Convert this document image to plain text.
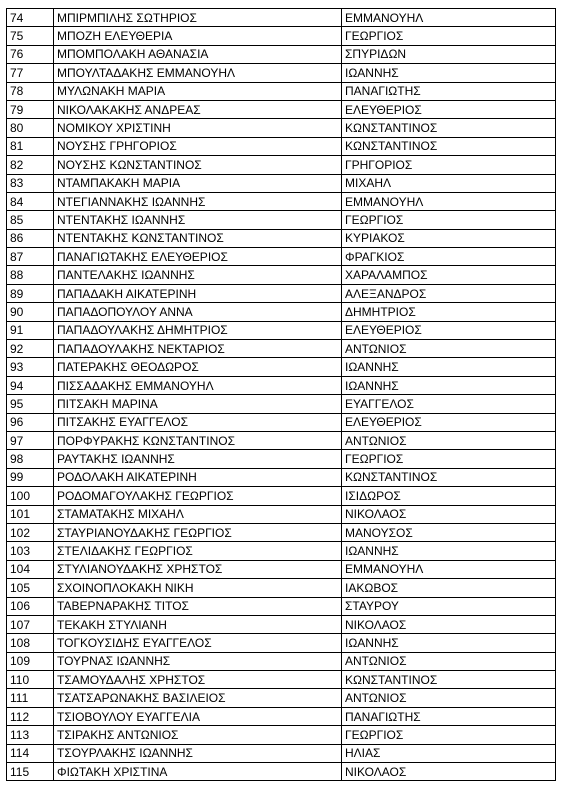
74	ΜΠΙΡΜΠΙΛΗΣ ΣΩΤΗΡΙΟΣ	ΕΜΜΑΝΟΥΗΛ
75	ΜΠΟΖΗ ΕΛΕΥΘΕΡΙΑ	ΓΕΩΡΓΙΟΣ
76	ΜΠΟΜΠΟΛΑΚΗ ΑΘΑΝΑΣΙΑ	ΣΠΥΡΙΔΩΝ
77	ΜΠΟΥΛΤΑΔΑΚΗΣ ΕΜΜΑΝΟΥΗΛ	ΙΩΑΝΝΗΣ
78	ΜΥΛΩΝΑΚΗ ΜΑΡΙΑ	ΠΑΝΑΓΙΩΤΗΣ
79	ΝΙΚΟΛΑΚΑΚΗΣ ΑΝΔΡΕΑΣ	ΕΛΕΥΘΕΡΙΟΣ
80	ΝΟΜΙΚΟΥ ΧΡΙΣΤΙΝΗ	ΚΩΝΣΤΑΝΤΙΝΟΣ
81	ΝΟΥΣΗΣ ΓΡΗΓΟΡΙΟΣ	ΚΩΝΣΤΑΝΤΙΝΟΣ
82	ΝΟΥΣΗΣ ΚΩΝΣΤΑΝΤΙΝΟΣ	ΓΡΗΓΟΡΙΟΣ
83	ΝΤΑΜΠΑΚΑΚΗ ΜΑΡΙΑ	ΜΙΧΑΗΛ
84	ΝΤΕΓΙΑΝΝΑΚΗΣ ΙΩΑΝΝΗΣ	ΕΜΜΑΝΟΥΗΛ
85	ΝΤΕΝΤΑΚΗΣ ΙΩΑΝΝΗΣ	ΓΕΩΡΓΙΟΣ
86	ΝΤΕΝΤΑΚΗΣ ΚΩΝΣΤΑΝΤΙΝΟΣ	ΚΥΡΙΑΚΟΣ
87	ΠΑΝΑΓΙΩΤΑΚΗΣ ΕΛΕΥΘΕΡΙΟΣ	ΦΡΑΓΚΙΟΣ
88	ΠΑΝΤΕΛΑΚΗΣ ΙΩΑΝΝΗΣ	ΧΑΡΑΛΑΜΠΟΣ
89	ΠΑΠΑΔΑΚΗ ΑΙΚΑΤΕΡΙΝΗ	ΑΛΕΞΑΝΔΡΟΣ
90	ΠΑΠΑΔΟΠΟΥΛΟΥ ΑΝΝΑ	ΔΗΜΗΤΡΙΟΣ
91	ΠΑΠΑΔΟΥΛΑΚΗΣ ΔΗΜΗΤΡΙΟΣ	ΕΛΕΥΘΕΡΙΟΣ
92	ΠΑΠΑΔΟΥΛΑΚΗΣ ΝΕΚΤΑΡΙΟΣ	ΑΝΤΩΝΙΟΣ
93	ΠΑΤΕΡΑΚΗΣ ΘΕΟΔΩΡΟΣ	ΙΩΑΝΝΗΣ
94	ΠΙΣΣΑΔΑΚΗΣ ΕΜΜΑΝΟΥΗΛ	ΙΩΑΝΝΗΣ
95	ΠΙΤΣΑΚΗ ΜΑΡΙΝΑ	ΕΥΑΓΓΕΛΟΣ
96	ΠΙΤΣΑΚΗΣ ΕΥΑΓΓΕΛΟΣ	ΕΛΕΥΘΕΡΙΟΣ
97	ΠΟΡΦΥΡΑΚΗΣ ΚΩΝΣΤΑΝΤΙΝΟΣ	ΑΝΤΩΝΙΟΣ
98	ΡΑΥΤΑΚΗΣ ΙΩΑΝΝΗΣ	ΓΕΩΡΓΙΟΣ
99	ΡΟΔΟΛΑΚΗ ΑΙΚΑΤΕΡΙΝΗ	ΚΩΝΣΤΑΝΤΙΝΟΣ
100	ΡΟΔΟΜΑΓΟΥΛΑΚΗΣ ΓΕΩΡΓΙΟΣ	ΙΣΙΔΩΡΟΣ
101	ΣΤΑΜΑΤΑΚΗΣ ΜΙΧΑΗΛ	ΝΙΚΟΛΑΟΣ
102	ΣΤΑΥΡΙΑΝΟΥΔΑΚΗΣ ΓΕΩΡΓΙΟΣ	ΜΑΝΟΥΣΟΣ
103	ΣΤΕΛΙΔΑΚΗΣ ΓΕΩΡΓΙΟΣ	ΙΩΑΝΝΗΣ
104	ΣΤΥΛΙΑΝΟΥΔΑΚΗΣ ΧΡΗΣΤΟΣ	ΕΜΜΑΝΟΥΗΛ
105	ΣΧΟΙΝΟΠΛΟΚΑΚΗ ΝΙΚΗ	ΙΑΚΩΒΟΣ
106	ΤΑΒΕΡΝΑΡΑΚΗΣ ΤΙΤΟΣ	ΣΤΑΥΡΟΥ
107	ΤΕΚΑΚΗ ΣΤΥΛΙΑΝΗ	ΝΙΚΟΛΑΟΣ
108	ΤΟΓΚΟΥΣΙΔΗΣ ΕΥΑΓΓΕΛΟΣ	ΙΩΑΝΝΗΣ
109	ΤΟΥΡΝΑΣ ΙΩΑΝΝΗΣ	ΑΝΤΩΝΙΟΣ
110	ΤΣΑΜΟΥΔΑΛΗΣ ΧΡΗΣΤΟΣ	ΚΩΝΣΤΑΝΤΙΝΟΣ
111	ΤΣΑΤΣΑΡΩΝΑΚΗΣ ΒΑΣΙΛΕΙΟΣ	ΑΝΤΩΝΙΟΣ
112	ΤΣΙΟΒΟΥΛΟΥ ΕΥΑΓΓΕΛΙΑ	ΠΑΝΑΓΙΩΤΗΣ
113	ΤΣΙΡΑΚΗΣ ΑΝΤΩΝΙΟΣ	ΓΕΩΡΓΙΟΣ
114	ΤΣΟΥΡΛΑΚΗΣ ΙΩΑΝΝΗΣ	ΗΛΙΑΣ
115	ΦΙΩΤΑΚΗ ΧΡΙΣΤΙΝΑ	ΝΙΚΟΛΑΟΣ
